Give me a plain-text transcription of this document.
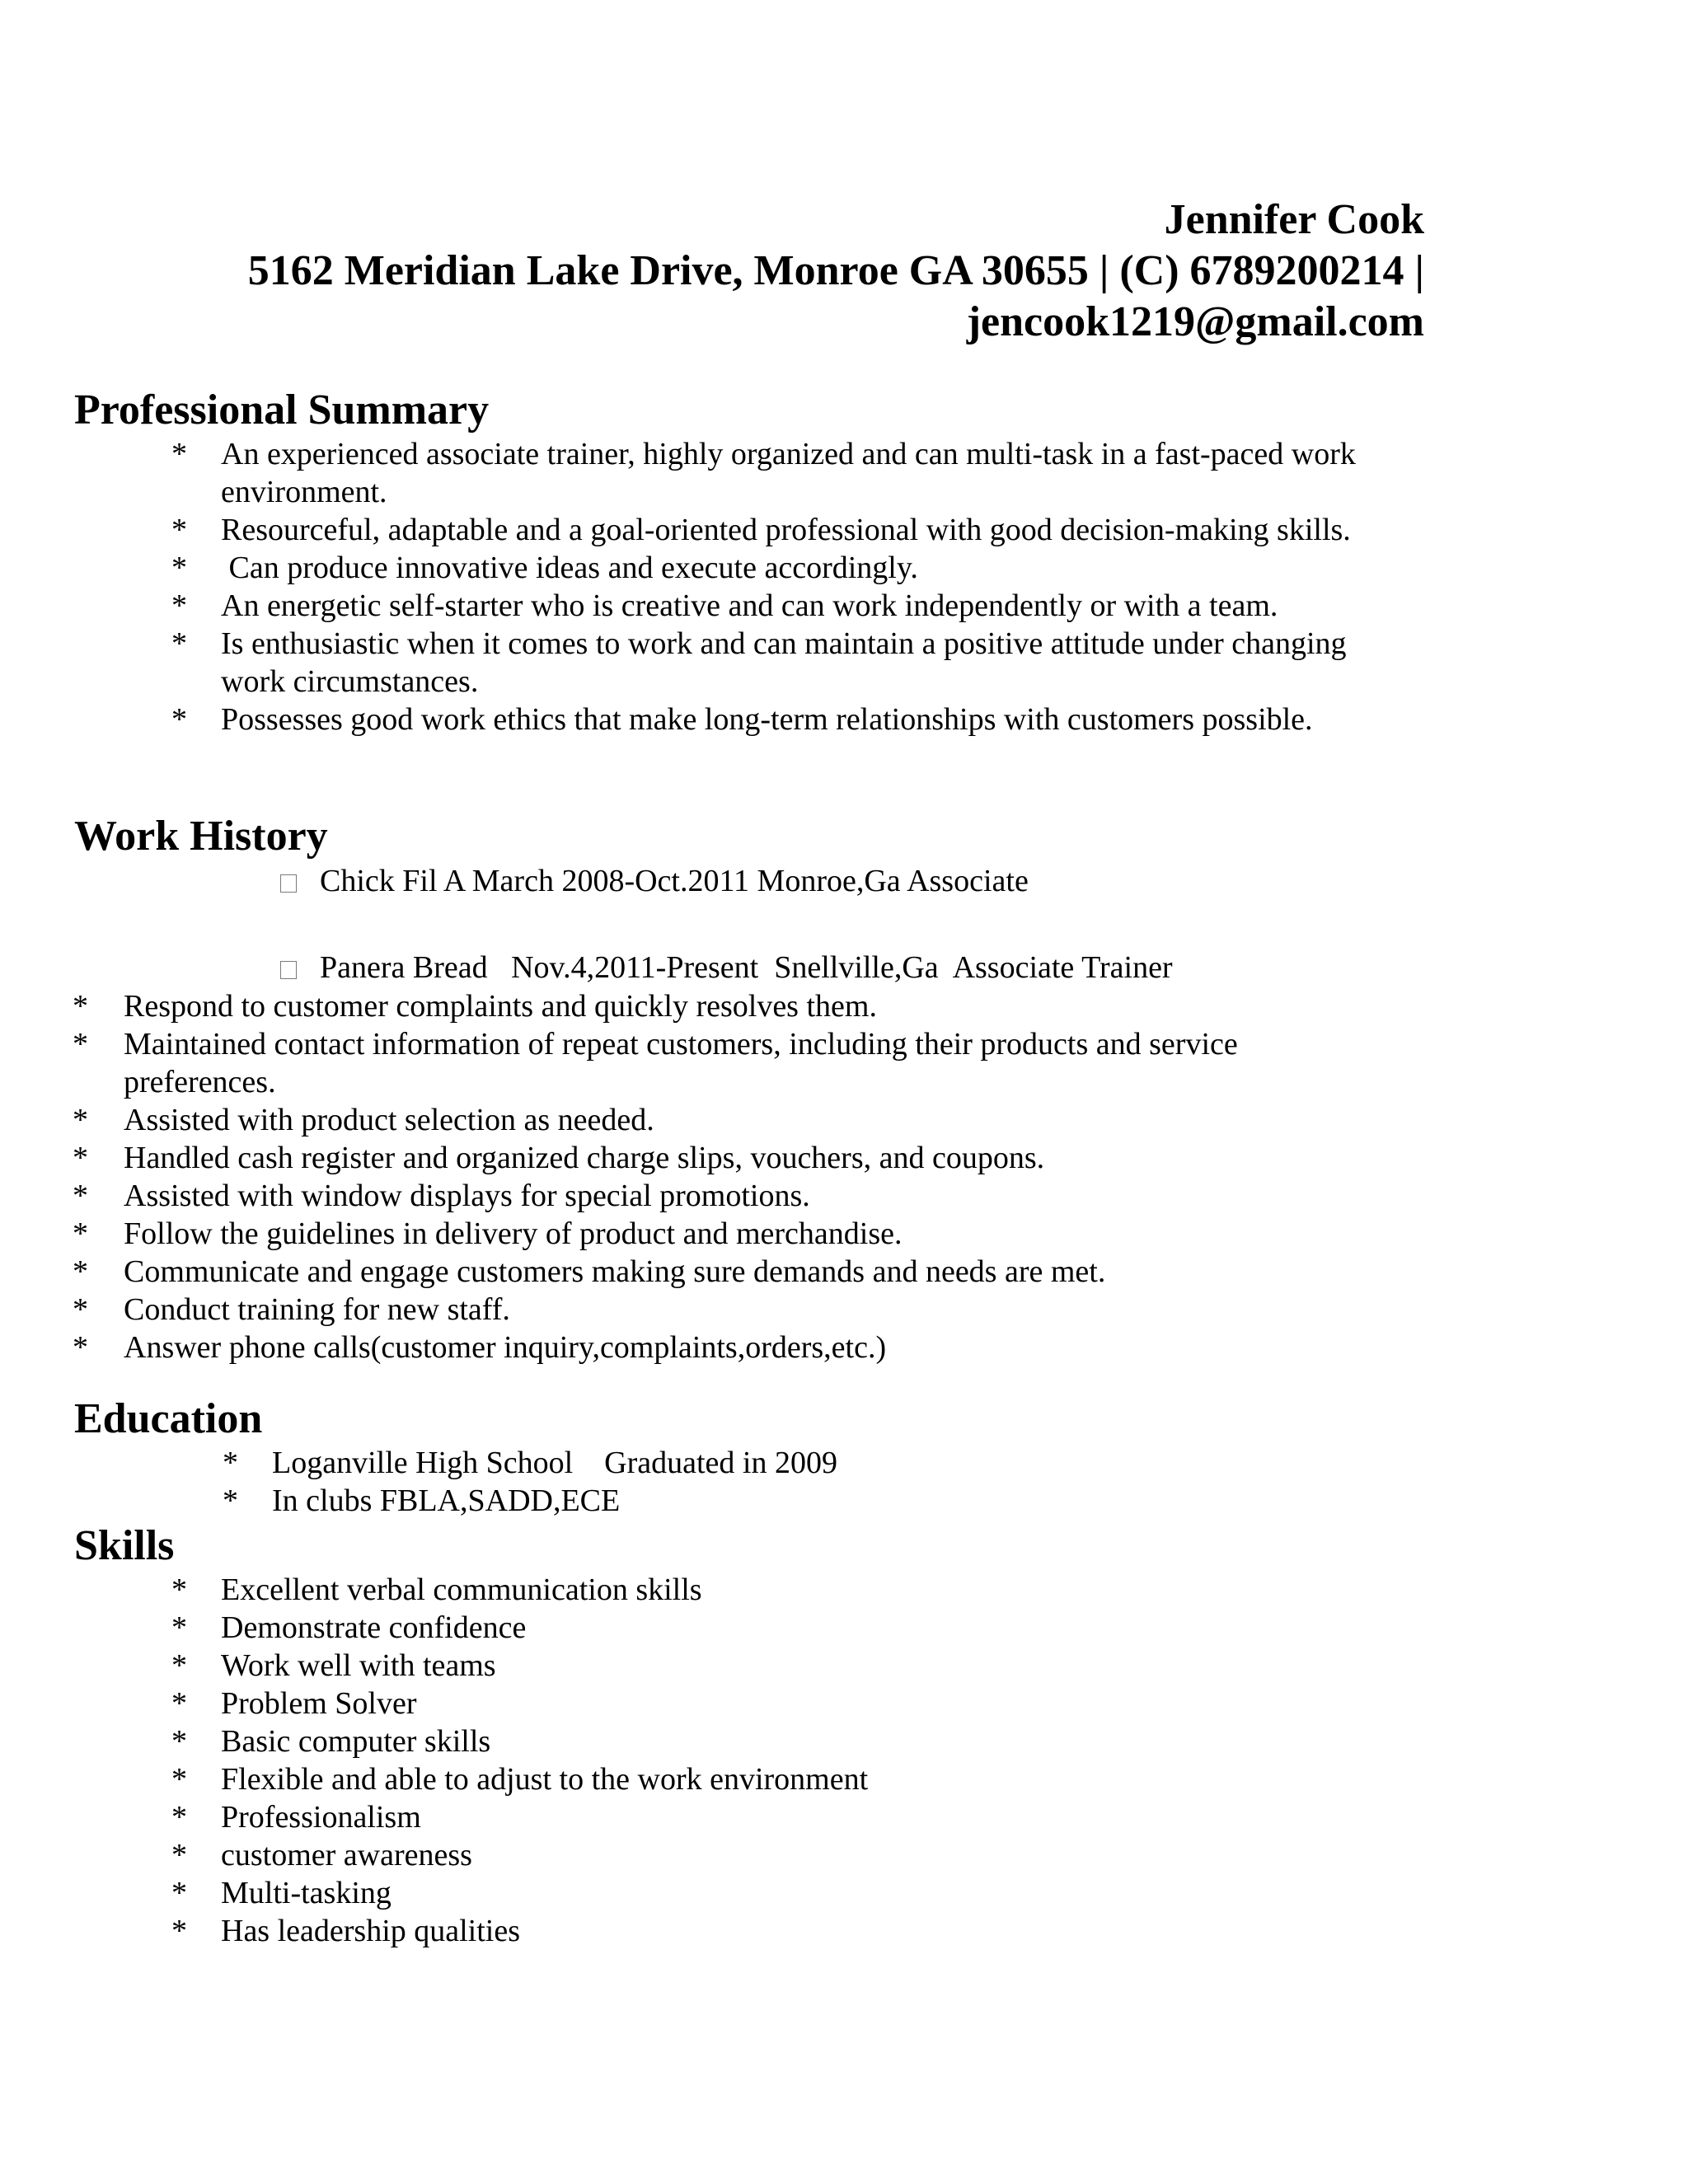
Jennifer Cook
5162 Meridian Lake Drive, Monroe GA 30655 | (C) 6789200214 |
jencook1219@gmail.com
Professional Summary
* An experienced associate trainer, highly organized and can multi-task in a fast-paced work environment.
* Resourceful, adaptable and a goal-oriented professional with good decision-making skills.
* Can produce innovative ideas and execute accordingly.
* An energetic self-starter who is creative and can work independently or with a team.
* Is enthusiastic when it comes to work and can maintain a positive attitude under changing work circumstances.
* Possesses good work ethics that make long-term relationships with customers possible.
Work History
Chick Fil A March 2008-Oct.2011 Monroe,Ga Associate
Panera Bread   Nov.4,2011-Present  Snellville,Ga  Associate Trainer
* Respond to customer complaints and quickly resolves them.
* Maintained contact information of repeat customers, including their products and service preferences.
* Assisted with product selection as needed.
* Handled cash register and organized charge slips, vouchers, and coupons.
* Assisted with window displays for special promotions.
* Follow the guidelines in delivery of product and merchandise.
* Communicate and engage customers making sure demands and needs are met.
* Conduct training for new staff.
* Answer phone calls(customer inquiry,complaints,orders,etc.)
Education
* Loganville High School    Graduated in 2009
* In clubs FBLA,SADD,ECE
Skills
* Excellent verbal communication skills
* Demonstrate confidence
* Work well with teams
* Problem Solver
* Basic computer skills
* Flexible and able to adjust to the work environment
* Professionalism
* customer awareness
* Multi-tasking
* Has leadership qualities
